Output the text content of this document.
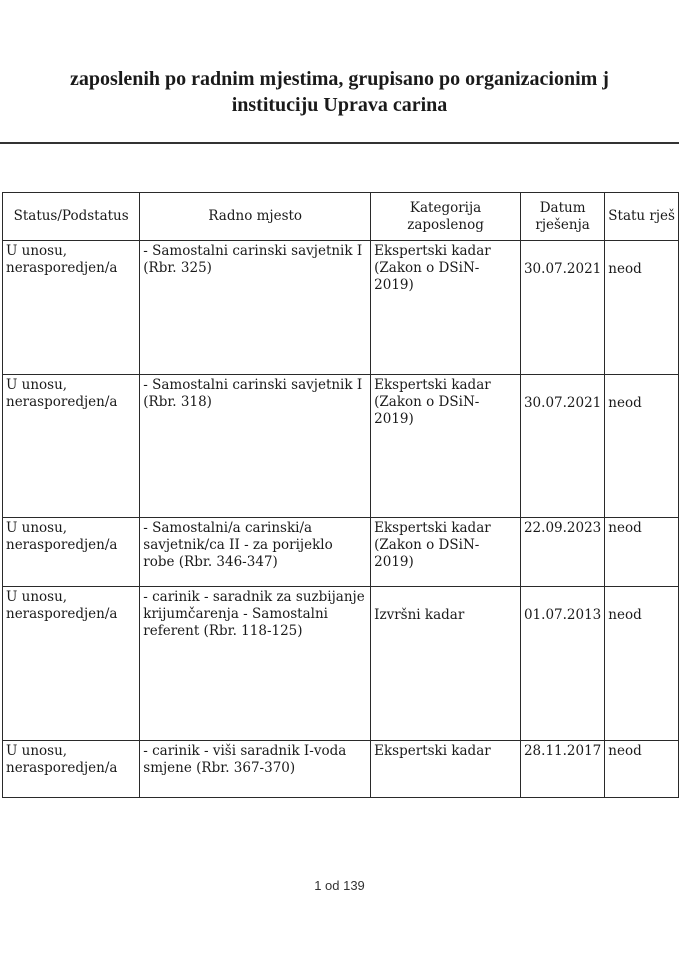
zaposlenih po radnim mjestima, grupisano po organizacionim j
instituciju Uprava carina
Status/Podstatus	Radno mjesto	Kategorija zaposlenog	Datum rješenja	Statu rješ
U unosu, nerasporedjen/a	- Samostalni carinski savjetnik I (Rbr. 325)	Ekspertski kadar (Zakon o DSiN-2019)	30.07.2021	neod
U unosu, nerasporedjen/a	- Samostalni carinski savjetnik I (Rbr. 318)	Ekspertski kadar (Zakon o DSiN-2019)	30.07.2021	neod
U unosu, nerasporedjen/a	- Samostalni/a carinski/a savjetnik/ca II - za porijeklo robe (Rbr. 346-347)	Ekspertski kadar (Zakon o DSiN-2019)	22.09.2023	neod
U unosu, nerasporedjen/a	- carinik - saradnik za suzbijanje krijumčarenja - Samostalni referent (Rbr. 118-125)	Izvršni kadar	01.07.2013	neod
U unosu, nerasporedjen/a	- carinik - viši saradnik I-voda smjene (Rbr. 367-370)	Ekspertski kadar	28.11.2017	neod
1 od 139
